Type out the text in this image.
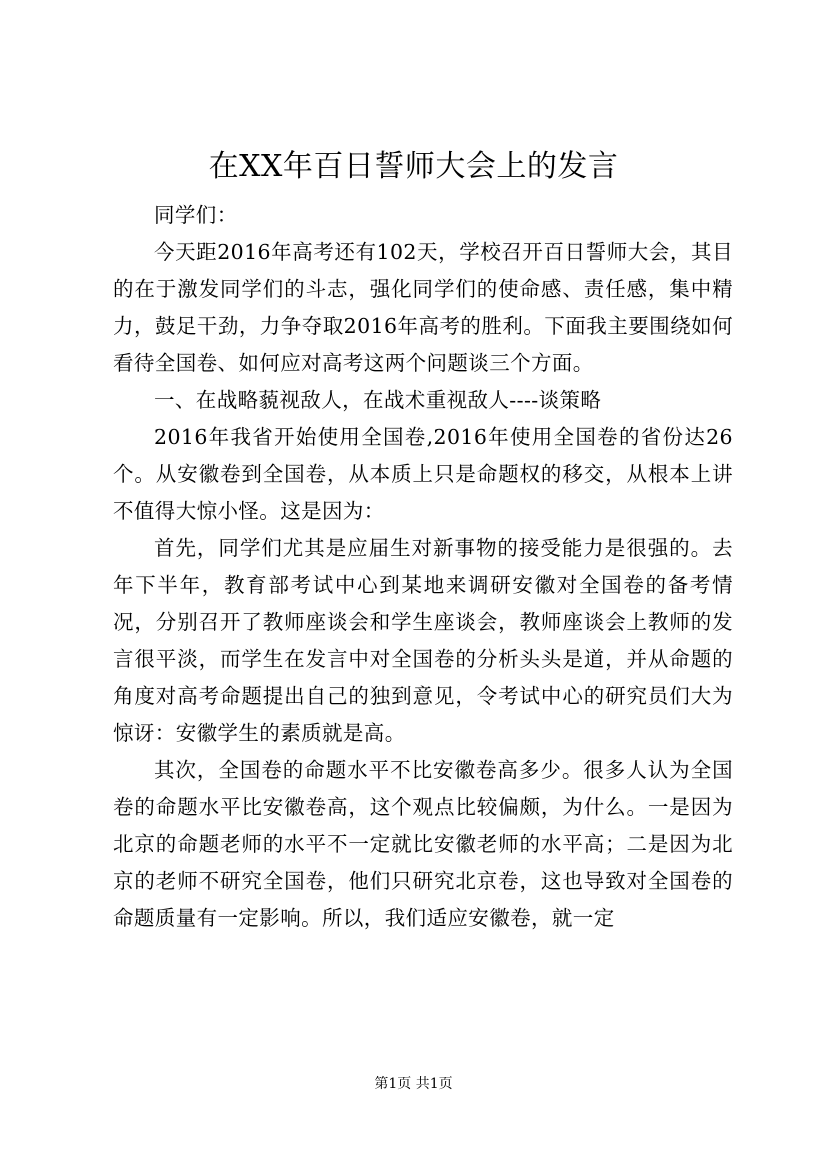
在XX年百日誓师大会上的发言

同学们：

今天距2016年高考还有102天，学校召开百日誓师大会，其目的在于激发同学们的斗志，强化同学们的使命感、责任感，集中精力，鼓足干劲，力争夺取2016年高考的胜利。下面我主要围绕如何看待全国卷、如何应对高考这两个问题谈三个方面。

一、在战略藐视敌人，在战术重视敌人----谈策略

2016年我省开始使用全国卷,2016年使用全国卷的省份达26个。从安徽卷到全国卷，从本质上只是命题权的移交，从根本上讲不值得大惊小怪。这是因为：

首先，同学们尤其是应届生对新事物的接受能力是很强的。去年下半年，教育部考试中心到某地来调研安徽对全国卷的备考情况，分别召开了教师座谈会和学生座谈会，教师座谈会上教师的发言很平淡，而学生在发言中对全国卷的分析头头是道，并从命题的角度对高考命题提出自己的独到意见，令考试中心的研究员们大为惊讶：安徽学生的素质就是高。

其次，全国卷的命题水平不比安徽卷高多少。很多人认为全国卷的命题水平比安徽卷高，这个观点比较偏颇，为什么。一是因为北京的命题老师的水平不一定就比安徽老师的水平高；二是因为北京的老师不研究全国卷，他们只研究北京卷，这也导致对全国卷的命题质量有一定影响。所以，我们适应安徽卷，就一定

第1页 共1页
